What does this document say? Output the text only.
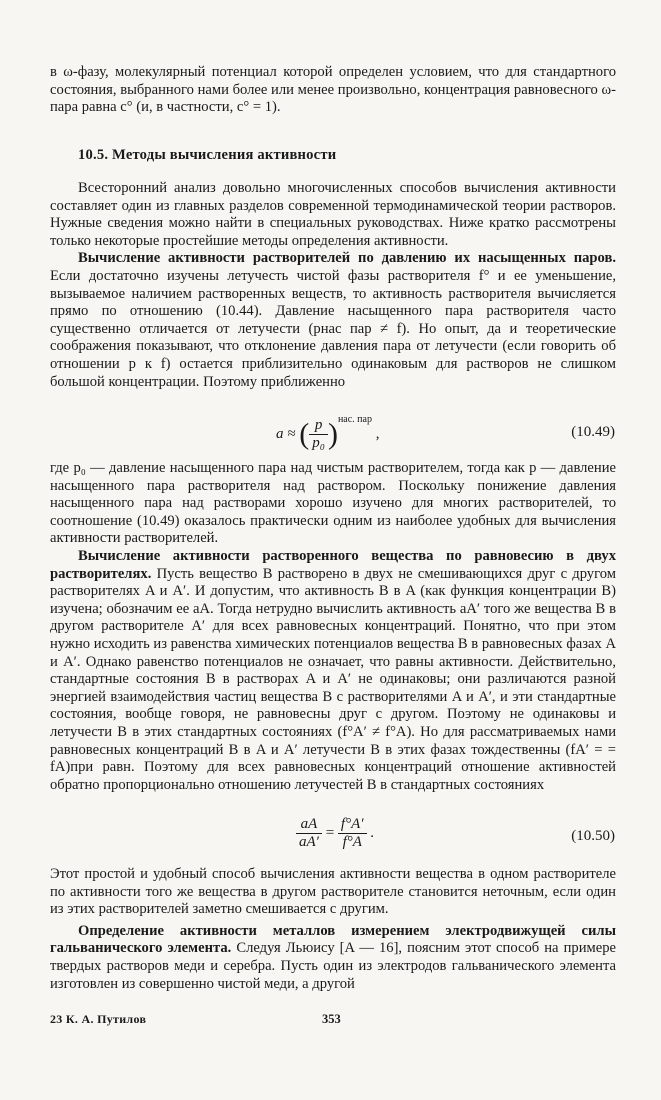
в ω-фазу, молекулярный потенциал которой определен условием, что для стандартного состояния, выбранного нами более или менее произвольно, концентрация равновесного ω-пара равна c° (и, в частности, c° = 1).

10.5. Методы вычисления активности

Всесторонний анализ довольно многочисленных способов вычисления активности составляет один из главных разделов современной термодинамической теории растворов. Нужные сведения можно найти в специальных руководствах. Ниже кратко рассмотрены только некоторые простейшие методы определения активности.

Вычисление активности растворителей по давлению их насыщенных паров. Если достаточно изучены летучесть чистой фазы растворителя f° и ее уменьшение, вызываемое наличием растворенных веществ, то активность растворителя вычисляется прямо по отношению (10.44). Давление насыщенного пара растворителя часто существенно отличается от летучести (pнас пар ≠ f). Но опыт, да и теоретические соображения показывают, что отклонение давления пара от летучести (если говорить об отношении p к f) остается приблизительно одинаковым для растворов не слишком большой концентрации. Поэтому приближенно

a ≈ ( $\frac{p}{\text{p₀}} )^{нас. пар}$ ,	(10.49)

где p₀ — давление насыщенного пара над чистым растворителем, тогда как p — давление насыщенного пара растворителя над раствором. Поскольку понижение давления насыщенного пара над растворами хорошо изучено для многих растворителей, то соотношение (10.49) оказалось практически одним из наиболее удобных для вычисления активности растворителей.

Вычисление активности растворенного вещества по равновесию в двух растворителях. Пусть вещество B растворено в двух не смешивающихся друг с другом растворителях A и A′. И допустим, что активность B в A (как функция концентрации B) изучена; обозначим ее aA. Тогда нетрудно вычислить активность aA′ того же вещества B в другом растворителе A′ для всех равновесных концентраций. Понятно, что при этом нужно исходить из равенства химических потенциалов вещества B в равновесных фазах A и A′. Однако равенство потенциалов не означает, что равны активности. Действительно, стандартные состояния B в растворах A и A′ не одинаковы; они различаются разной энергией взаимодействия частиц вещества B с растворителями A и A′, и эти стандартные состояния, вообще говоря, не равновесны друг с другом. Поэтому не одинаковы и летучести B в этих стандартных состояниях (f°A′ ≠ f°A). Но для рассматриваемых нами равновесных концентраций B в A и A′ летучести B в этих фазах тождественны (fA′ = = fA)при равн. Поэтому для всех равновесных концентраций отношение активностей обратно пропорционально отношению летучестей B в стандартных состояниях

$\frac{aA}{aA'} = \frac{f^\circ A'}{f^\circ A}$ .	(10.50)

Этот простой и удобный способ вычисления активности вещества в одном растворителе по активности того же вещества в другом растворителе становится неточным, если один из этих растворителей заметно смешивается с другим.

Определение активности металлов измерением электродвижущей силы гальванического элемента. Следуя Льюису [A — 16], поясним этот способ на примере твердых растворов меди и серебра. Пусть один из электродов гальванического элемента изготовлен из совершенно чистой меди, а другой

23 К. А. Путилов	353
